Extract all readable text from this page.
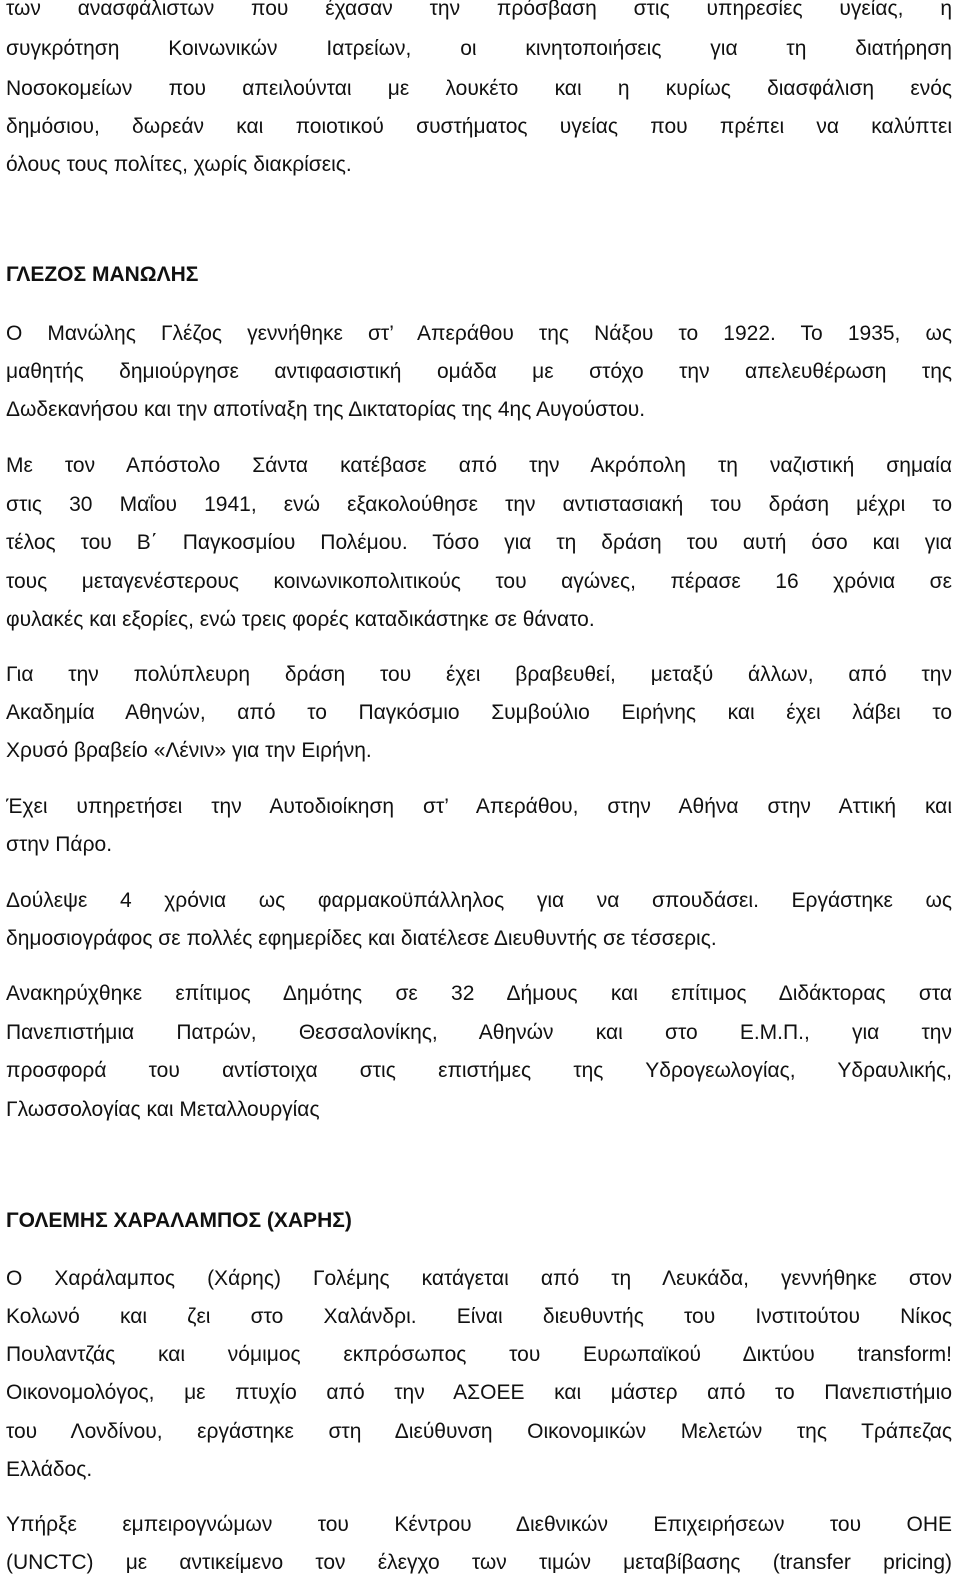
των ανασφάλιστων που έχασαν την πρόσβαση στις υπηρεσίες υγείας, η
συγκρότηση Κοινωνικών Ιατρείων, οι κινητοποιήσεις για τη διατήρηση
Νοσοκομείων που απειλούνται με λουκέτο και η κυρίως διασφάλιση ενός
δημόσιου, δωρεάν και ποιοτικού συστήματος υγείας που πρέπει να καλύπτει
όλους τους πολίτες, χωρίς διακρίσεις.
ΓΛΕΖΟΣ ΜΑΝΩΛΗΣ
Ο Μανώλης Γλέζος γεννήθηκε στ’ Απεράθου της Νάξου το 1922. Το 1935, ως
μαθητής δημιούργησε αντιφασιστική ομάδα με στόχο την απελευθέρωση της
Δωδεκανήσου και την αποτίναξη της Δικτατορίας της 4ης Αυγούστου.
Με τον Απόστολο Σάντα κατέβασε από την Ακρόπολη τη ναζιστική σημαία
στις 30 Μαΐου 1941, ενώ εξακολούθησε την αντιστασιακή του δράση μέχρι το
τέλος του Β΄ Παγκοσμίου Πολέμου. Τόσο για τη δράση του αυτή όσο και για
τους μεταγενέστερους κοινωνικοπολιτικούς του αγώνες, πέρασε 16 χρόνια σε
φυλακές και εξορίες, ενώ τρεις φορές καταδικάστηκε σε θάνατο.
Για την πολύπλευρη δράση του έχει βραβευθεί, μεταξύ άλλων, από την
Ακαδημία Αθηνών, από το Παγκόσμιο Συμβούλιο Ειρήνης και έχει λάβει το
Χρυσό βραβείο «Λένιν» για την Ειρήνη.
Έχει υπηρετήσει την Αυτοδιοίκηση στ’ Απεράθου, στην Αθήνα στην Αττική και
στην Πάρο.
Δούλεψε 4 χρόνια ως φαρμακοϋπάλληλος για να σπουδάσει. Εργάστηκε ως
δημοσιογράφος σε πολλές εφημερίδες και διατέλεσε Διευθυντής σε τέσσερις.
Ανακηρύχθηκε επίτιμος Δημότης σε 32 Δήμους και επίτιμος Διδάκτορας στα
Πανεπιστήμια Πατρών, Θεσσαλονίκης, Αθηνών και στο Ε.Μ.Π., για την
προσφορά του αντίστοιχα στις επιστήμες της Υδρογεωλογίας, Υδραυλικής,
Γλωσσολογίας και Μεταλλουργίας
ΓΟΛΕΜΗΣ ΧΑΡΑΛΑΜΠΟΣ (ΧΑΡΗΣ)
Ο Χαράλαμπος (Χάρης) Γολέμης κατάγεται από τη Λευκάδα, γεννήθηκε στον
Κολωνό και ζει στο Χαλάνδρι. Είναι διευθυντής του Ινστιτούτου Νίκος
Πουλαντζάς και νόμιμος εκπρόσωπος του Ευρωπαϊκού Δικτύου transform!
Οικονομολόγος, με πτυχίο από την ΑΣΟΕΕ και μάστερ από το Πανεπιστήμιο
του Λονδίνου, εργάστηκε στη Διεύθυνση Οικονομικών Μελετών της Τράπεζας
Ελλάδος.
Υπήρξε εμπειρογνώμων του Κέντρου Διεθνικών Επιχειρήσεων του ΟΗΕ
(UNCTC) με αντικείμενο τον έλεγχο των τιμών μεταβίβασης (transfer pricing)
